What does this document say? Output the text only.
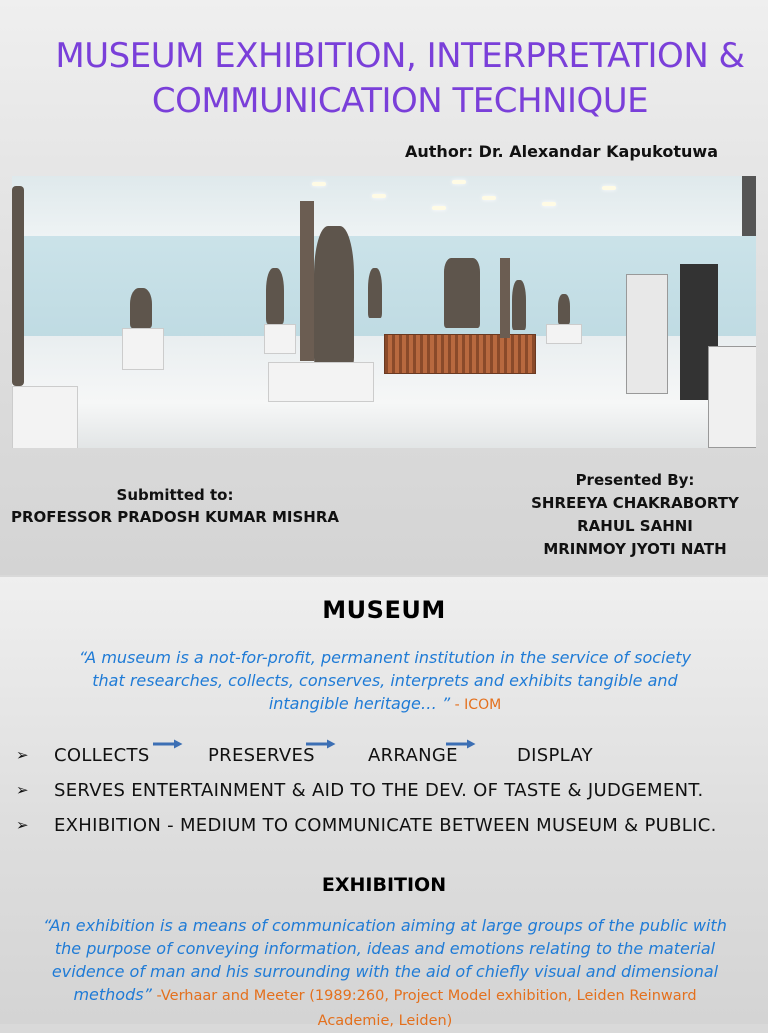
MUSEUM EXHIBITION, INTERPRETATION &
COMMUNICATION TECHNIQUE
Author: Dr. Alexandar Kapukotuwa
Submitted to:
PROFESSOR PRADOSH KUMAR MISHRA
Presented By:
SHREEYA CHAKRABORTY
RAHUL SAHNI
MRINMOY JYOTI NATH
MUSEUM
“A museum is a not-for-profit, permanent institution in the service of society that researches, collects, conserves, interprets and exhibits tangible and intangible heritage… ” - ICOM
➢ COLLECTS	PRESERVES	ARRANGE	DISPLAY
➢ SERVES ENTERTAINMENT & AID TO THE DEV. OF TASTE & JUDGEMENT.
➢ EXHIBITION - MEDIUM TO COMMUNICATE BETWEEN MUSEUM & PUBLIC.
EXHIBITION
“An exhibition is a means of communication aiming at large groups of the public with the purpose of conveying information, ideas and emotions relating to the material evidence of man and his surrounding with the aid of chiefly visual and dimensional methods” -Verhaar and Meeter (1989:260, Project Model exhibition, Leiden Reinward Academie, Leiden)
